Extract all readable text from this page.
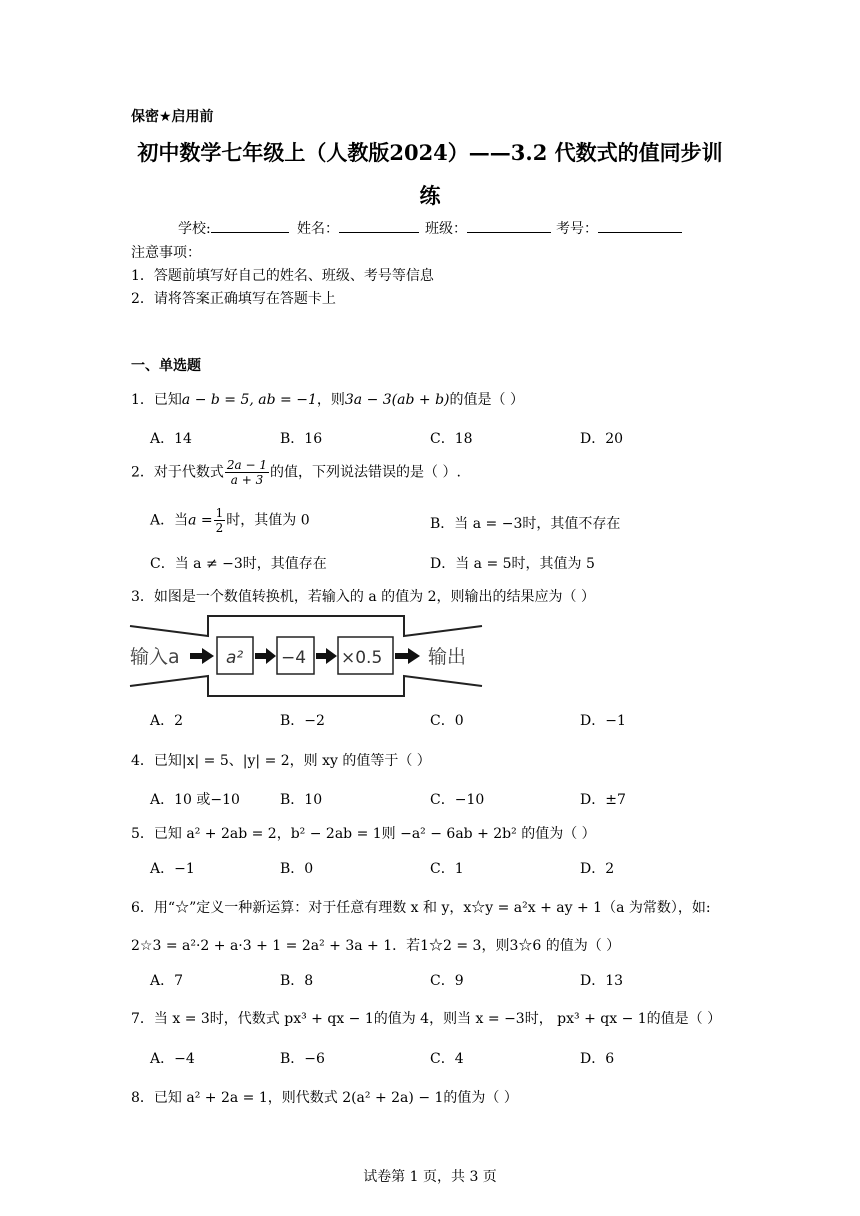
保密★启用前
初中数学七年级上（人教版2024）——3.2 代数式的值同步训
练
学校:	姓名：	班级：	考号：
注意事项：
1．答题前填写好自己的姓名、班级、考号等信息
2．请将答案正确填写在答题卡上
一、单选题
1．已知a − b = 5, ab = −1，则3a − 3(ab + b)的值是（ ）
A．14	B．16	C．18	D．20
2．对于代数式 $\frac{2a - 1}{a + 3}$ 的值，下列说法错误的是（ ）.
A．当$a = \frac{1}{2}$ 时，其值为 0	B．当 a = −3时，其值不存在
C．当 a ≠ −3时，其值存在	D．当 a = 5时，其值为 5
3．如图是一个数值转换机，若输入的 a 的值为 2，则输出的结果应为（ ）
输入a	输出
a² −4 ×0.5
A．2	B．−2	C．0	D．−1
4．已知|x| = 5、|y| = 2，则 xy 的值等于（ ）
A．10 或−10	B．10	C．−10	D．±7
5．已知 a² + 2ab = 2，b² − 2ab = 1则 −a² − 6ab + 2b² 的值为（ ）
A．−1	B．0	C．1	D．2
6．用“☆”定义一种新运算：对于任意有理数 x 和 y，x☆y = a²x + ay + 1（a 为常数），如:
2☆3 = a²·2 + a·3 + 1 = 2a² + 3a + 1．若1☆2 = 3，则3☆6 的值为（ ）
A．7	B．8	C．9	D．13
7．当 x = 3时，代数式 px³ + qx − 1的值为 4，则当 x = −3时， px³ + qx − 1的值是（ ）
A．−4	B．−6	C．4	D．6
8．已知 a² + 2a = 1，则代数式 2(a² + 2a) − 1的值为（ ）
试卷第 1 页，共 3 页
